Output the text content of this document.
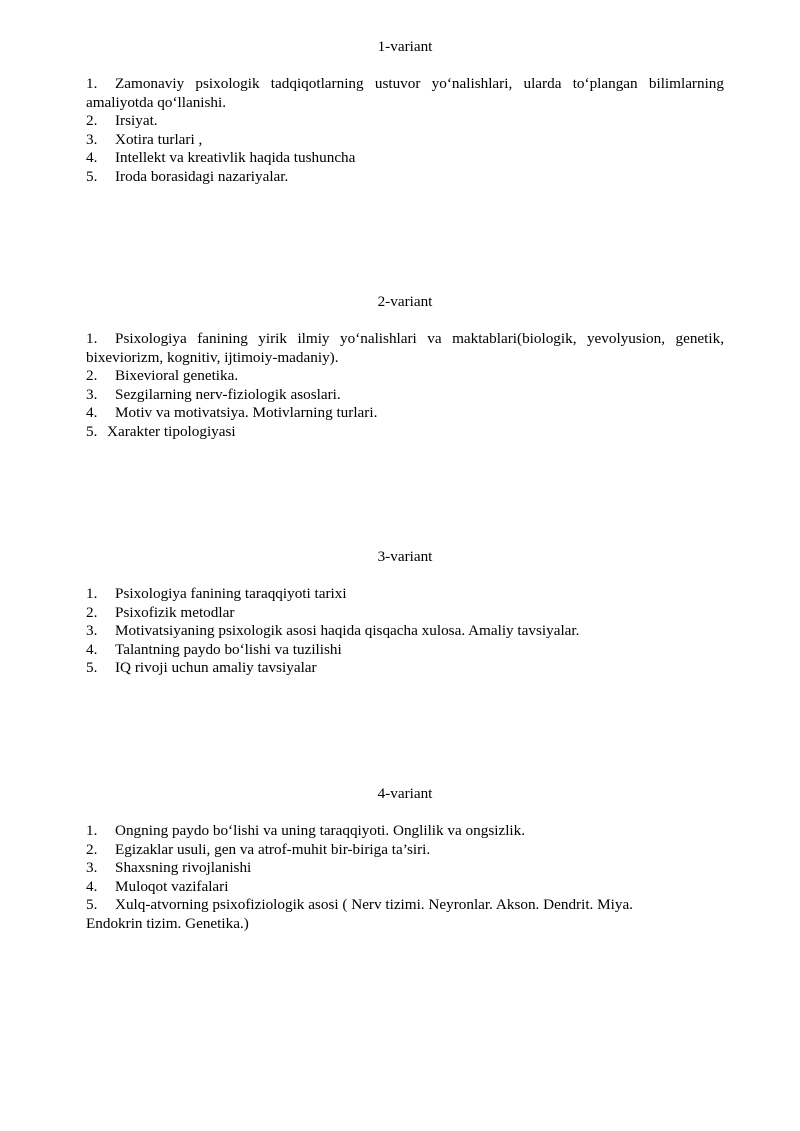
1-variant

1. Zamonaviy psixologik tadqiqotlarning ustuvor yo‘nalishlari, ularda to‘plangan bilimlarning amaliyotda qo‘llanishi.
2. Irsiyat.
3. Xotira turlari ,
4. Intellekt va kreativlik haqida tushuncha
5. Iroda borasidagi nazariyalar.

2-variant

1. Psixologiya fanining yirik ilmiy yo‘nalishlari va maktablari(biologik, yevolyusion, genetik, bixeviorizm, kognitiv, ijtimoiy-madaniy).
2. Bixevioral genetika.
3. Sezgilarning nerv-fiziologik asoslari.
4. Motiv va motivatsiya. Motivlarning turlari.
5. Xarakter tipologiyasi

3-variant

1. Psixologiya fanining taraqqiyoti tarixi
2. Psixofizik metodlar
3. Motivatsiyaning psixologik asosi haqida qisqacha xulosa. Amaliy tavsiyalar.
4. Talantning paydo bo‘lishi va tuzilishi
5. IQ rivoji uchun amaliy tavsiyalar

4-variant

1. Ongning paydo bo‘lishi va uning taraqqiyoti. Onglilik va ongsizlik.
2. Egizaklar usuli, gen va atrof-muhit bir-biriga ta’siri.
3. Shaxsning rivojlanishi
4. Muloqot vazifalari
5. Xulq-atvorning psixofiziologik asosi ( Nerv tizimi. Neyronlar. Akson. Dendrit. Miya. Endokrin tizim. Genetika.)
